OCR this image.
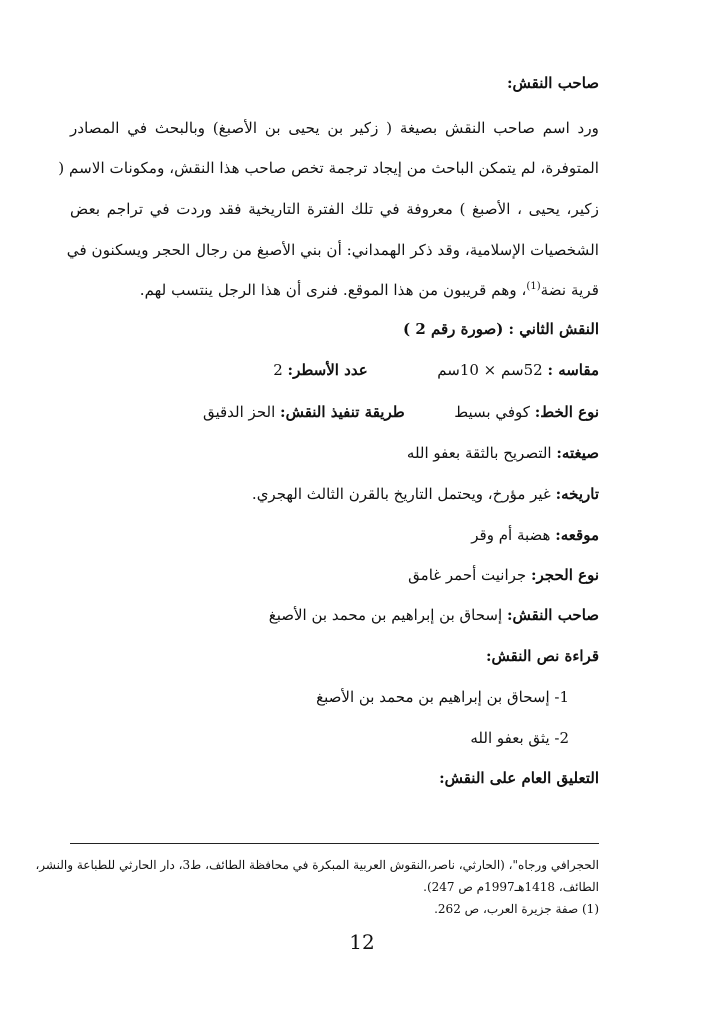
صاحب النقش:
ورد اسم صاحب النقش بصيغة ( زكير بن يحيى بن الأصبغ) وبالبحث في المصادر
المتوفرة، لم يتمكن الباحث من إيجاد ترجمة تخص صاحب هذا النقش، ومكونات الاسم (
زكير، يحيى ، الأصبغ ) معروفة في تلك الفترة التاريخية فقد وردت في تراجم بعض
الشخصيات الإسلامية، وقد ذكر الهمداني: أن بني الأصبغ من رجال الحجر ويسكنون في
قرية نضة$^{(1)}$، وهم قريبون من هذا الموقع. فنرى أن هذا الرجل ينتسب لهم.
النقش الثاني : (صورة رقم 2 )
مقاسه : 52سم × 10سم  عدد الأسطر: 2
نوع الخط: كوفي بسيط  طريقة تنفيذ النقش: الحز الدقيق
صيغته: التصريح بالثقة بعفو الله
تاريخه: غير مؤرخ، ويحتمل التاريخ بالقرن الثالث الهجري.
موقعه: هضبة أم وقر
نوع الحجر: جرانيت أحمر غامق
صاحب النقش: إسحاق بن إبراهيم بن محمد بن الأصبغ
قراءة نص النقش:
1- إسحاق بن إبراهيم بن محمد بن الأصبغ
2- يثق بعفو الله
التعليق العام على النقش:
الحجرافي ورجاه"، (الحارثي، ناصر،النقوش العربية المبكرة في محافظة الطائف، ط3، دار الحارثي للطباعة والنشر،
الطائف، 1418هـ1997م ص 247).
(1) صفة جزيرة العرب، ص 262.
12
